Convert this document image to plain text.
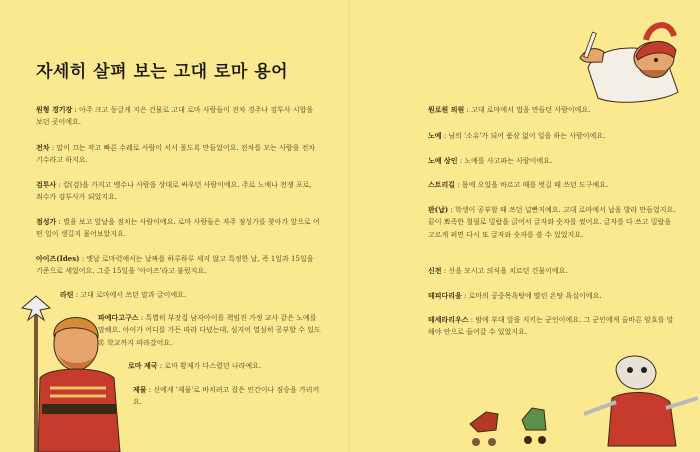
자세히 살펴 보는 고대 로마 용어
원형 경기장 : 아주 크고 둥글게 지은 건물로 고대 로마 사람들이 전차 경주나 검투사 시합을 보던 곳이에요.
전차 : 말이 끄는 작고 빠른 수레로 사람이 서서 몰도록 만들었어요. 전차를 모는 사람을 전차 기수라고 하지요.
검투사 : 칼(검)을 가지고 맹수나 사람을 상대로 싸우던 사람이에요. 주로 노예나 전쟁 포로, 죄수가 검투사가 되었지요.
점성가 : 별을 보고 앞날을 점치는 사람이에요. 로마 사람들은 자주 점성가를 찾아가 앞으로 어떤 일이 생길지 물어보았지요.
아이즈(Ides) : 옛날 로마력에서는 날짜를 하루하루 세지 않고 특정한 날, 즉 1일과 15일을 기준으로 세었어요. 그중 15일을 '아이즈'라고 불렀지요.
라틴 : 고대 로마에서 쓰던 말과 글이에요.
파에다고구스 : 특별히 부잣집 남자아이를 책임진 가정 교사 같은 노예를 말해요. 아이가 어디를 가든 따라 다녔는데, 심지어 열심히 공부할 수 있도록 학교까지 따라갔어요.
로마 제국 : 로마 황제가 다스렸던 나라예요.
제물 : 신에게 '제물'로 바치려고 잡은 인간이나 짐승을 가리켜요.
원로원 의원 : 고대 로마에서 법을 만들던 사람이에요.
노예 : 남의 '소유'가 되어 품삯 없이 일을 하는 사람이에요.
노예 상인 : 노예를 사고파는 사람이에요.
스트리길 : 몸에 오일을 바르고 때를 벗길 때 쓰던 도구예요.
판(납) : 학생이 공부할 때 쓰던 널빤지예요. 고대 로마에서 납을 발라 만들었지요. 끝이 뾰족한 철필로 밀랍을 긁어서 글자와 숫자를 썼어요. 글자를 다 쓰고 밀랍을 고르게 펴면 다시 또 글자와 숫자를 쓸 수 있었지요.
신전 : 신을 모시고 의식을 치르던 건물이에요.
테피다리움 : 로마의 공중목욕탕에 딸린 온탕 욕실이에요.
테세라리우스 : 밤에 부대 앞을 지키는 군인이에요. 그 군인에게 올바른 암호를 말해야 안으로 들어갈 수 있었지요.
